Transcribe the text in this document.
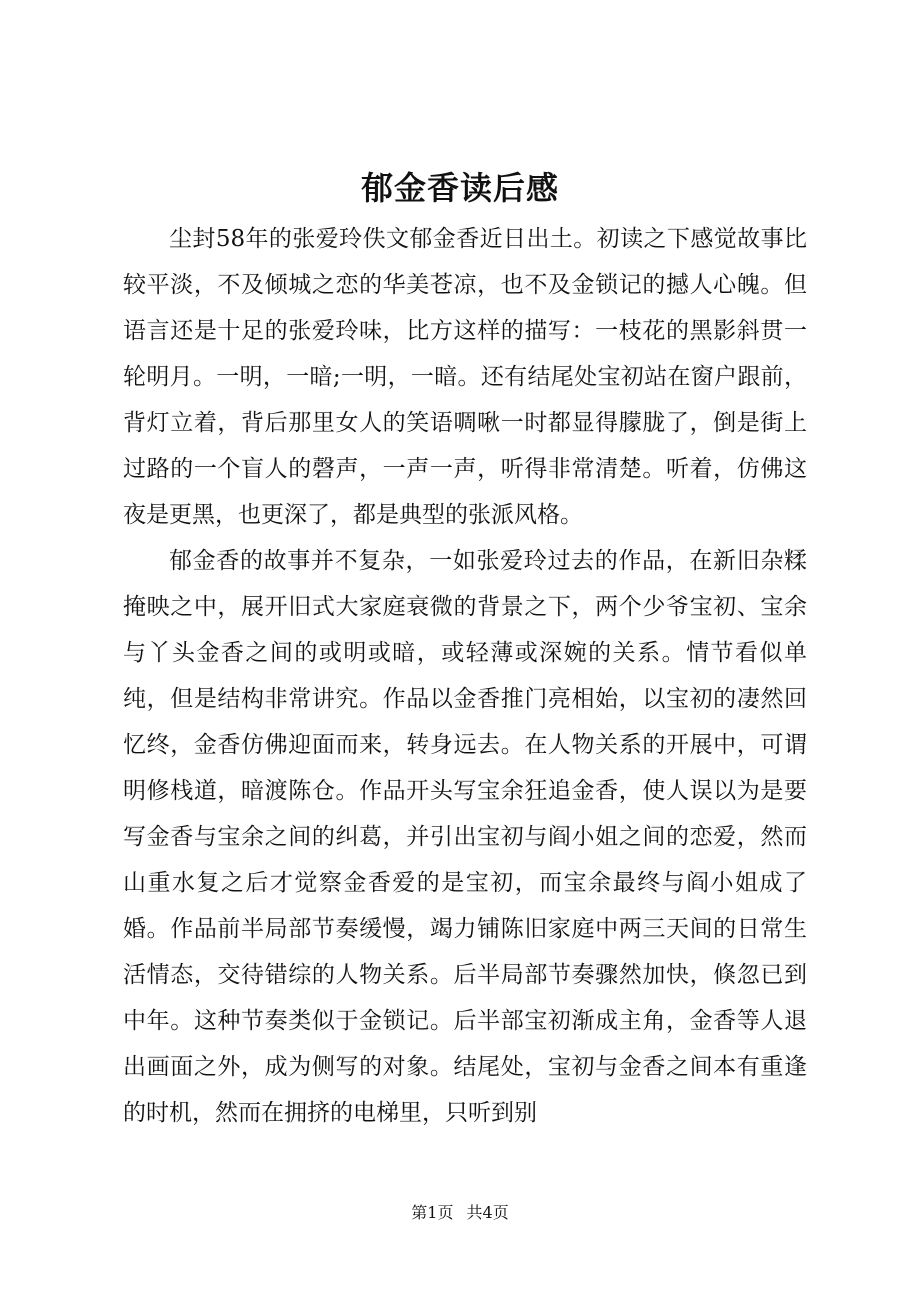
郁金香读后感

尘封58年的张爱玲佚文郁金香近日出土。初读之下感觉故事比较平淡，不及倾城之恋的华美苍凉，也不及金锁记的撼人心魄。但语言还是十足的张爱玲味，比方这样的描写：一枝花的黑影斜贯一轮明月。一明，一暗;一明，一暗。还有结尾处宝初站在窗户跟前，背灯立着，背后那里女人的笑语啁啾一时都显得朦胧了，倒是街上过路的一个盲人的磬声，一声一声，听得非常清楚。听着，仿佛这夜是更黑，也更深了，都是典型的张派风格。

郁金香的故事并不复杂，一如张爱玲过去的作品，在新旧杂糅掩映之中，展开旧式大家庭衰微的背景之下，两个少爷宝初、宝余与丫头金香之间的或明或暗，或轻薄或深婉的关系。情节看似单纯，但是结构非常讲究。作品以金香推门亮相始，以宝初的凄然回忆终，金香仿佛迎面而来，转身远去。在人物关系的开展中，可谓明修栈道，暗渡陈仓。作品开头写宝余狂追金香，使人误以为是要写金香与宝余之间的纠葛，并引出宝初与阎小姐之间的恋爱，然而山重水复之后才觉察金香爱的是宝初，而宝余最终与阎小姐成了婚。作品前半局部节奏缓慢，竭力铺陈旧家庭中两三天间的日常生活情态，交待错综的人物关系。后半局部节奏骤然加快，倏忽已到中年。这种节奏类似于金锁记。后半部宝初渐成主角，金香等人退出画面之外，成为侧写的对象。结尾处，宝初与金香之间本有重逢的时机，然而在拥挤的电梯里，只听到别

第1页 共4页
